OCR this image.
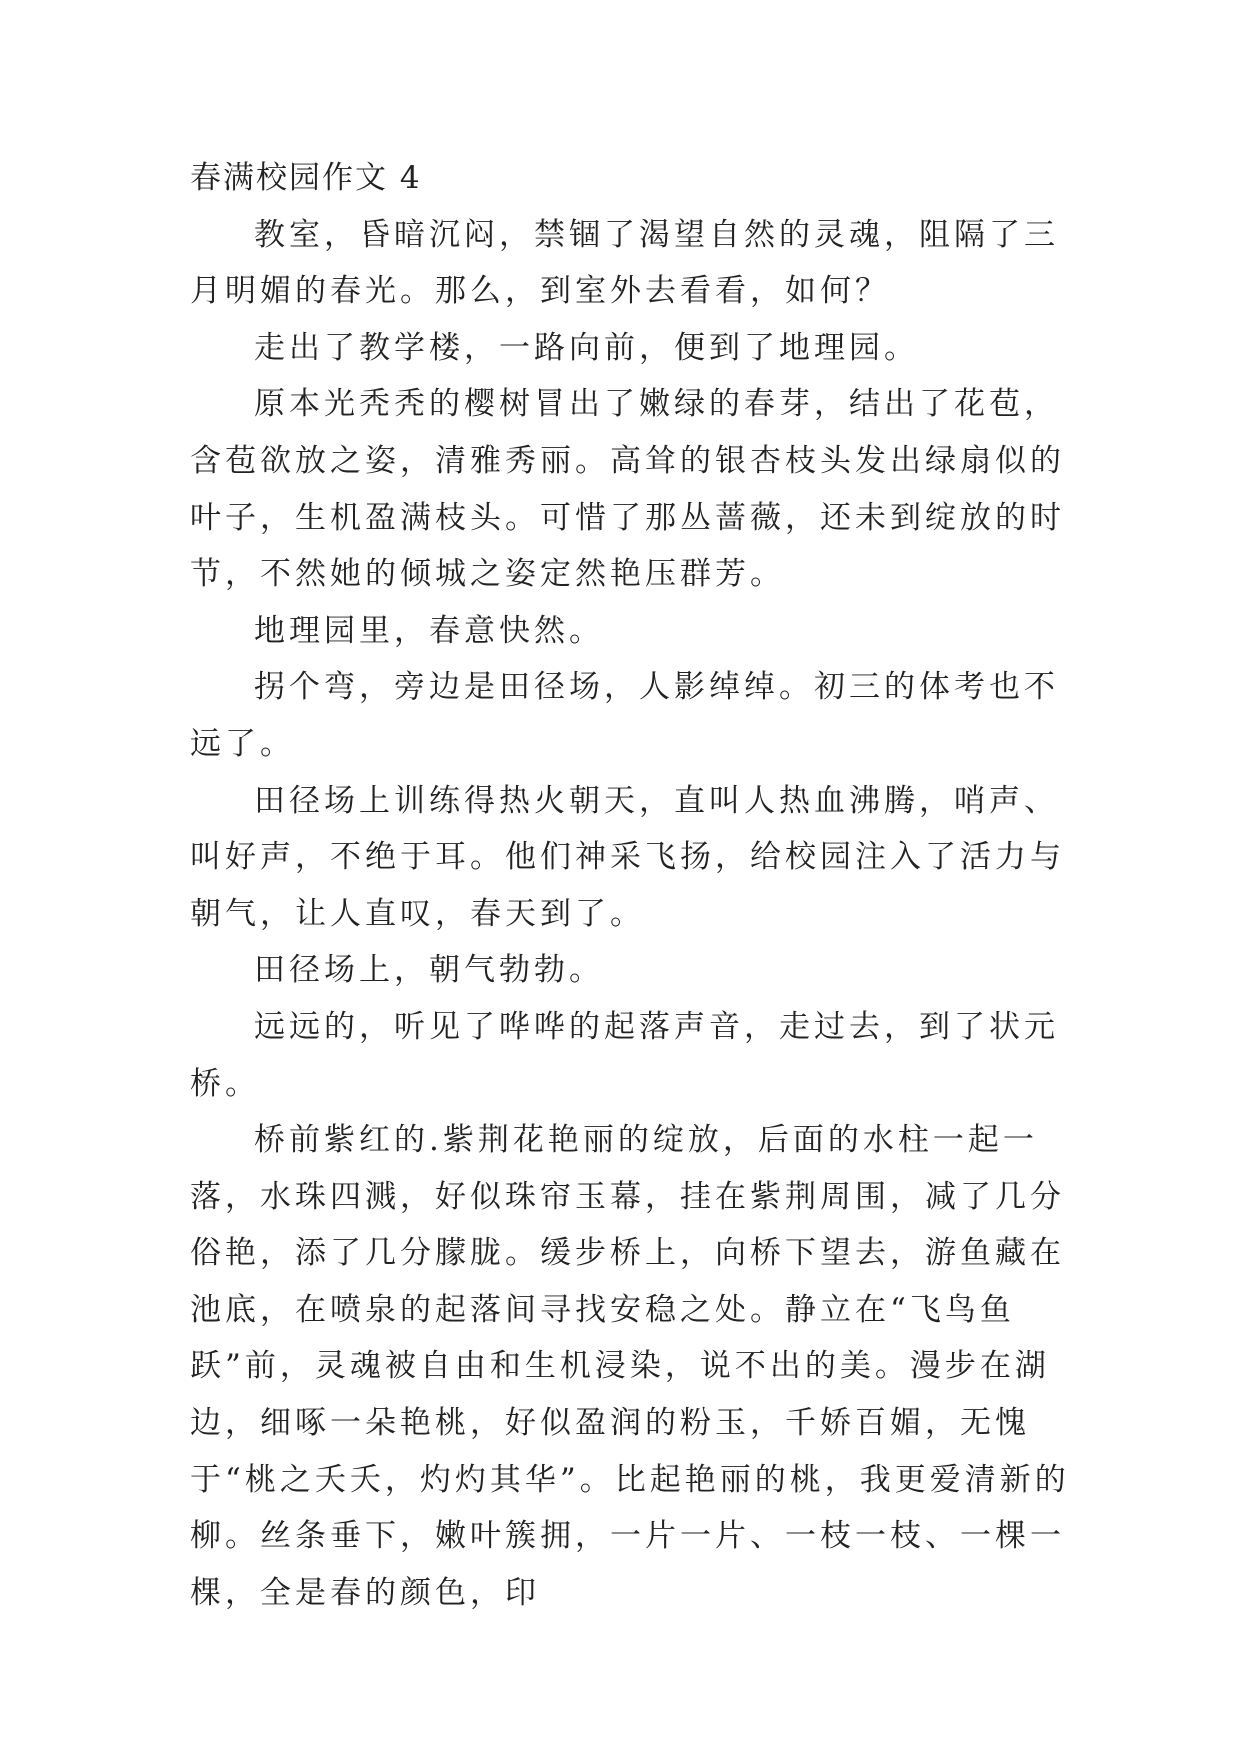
春满校园作文 4

教室，昏暗沉闷，禁锢了渴望自然的灵魂，阻隔了三月明媚的春光。那么，到室外去看看，如何？

走出了教学楼，一路向前，便到了地理园。

原本光秃秃的樱树冒出了嫩绿的春芽，结出了花苞，含苞欲放之姿，清雅秀丽。高耸的银杏枝头发出绿扇似的叶子，生机盈满枝头。可惜了那丛蔷薇，还未到绽放的时节，不然她的倾城之姿定然艳压群芳。

地理园里，春意快然。

拐个弯，旁边是田径场，人影绰绰。初三的体考也不远了。

田径场上训练得热火朝天，直叫人热血沸腾，哨声、叫好声，不绝于耳。他们神采飞扬，给校园注入了活力与朝气，让人直叹，春天到了。

田径场上，朝气勃勃。

远远的，听见了哗哗的起落声音，走过去，到了状元桥。

桥前紫红的.紫荆花艳丽的绽放，后面的水柱一起一落，水珠四溅，好似珠帘玉幕，挂在紫荆周围，减了几分俗艳，添了几分朦胧。缓步桥上，向桥下望去，游鱼藏在池底，在喷泉的起落间寻找安稳之处。静立在“飞鸟鱼跃”前，灵魂被自由和生机浸染，说不出的美。漫步在湖边，细啄一朵艳桃，好似盈润的粉玉，千娇百媚，无愧于“桃之夭夭，灼灼其华”。比起艳丽的桃，我更爱清新的柳。丝条垂下，嫩叶簇拥，一片一片、一枝一枝、一棵一棵，全是春的颜色，印
